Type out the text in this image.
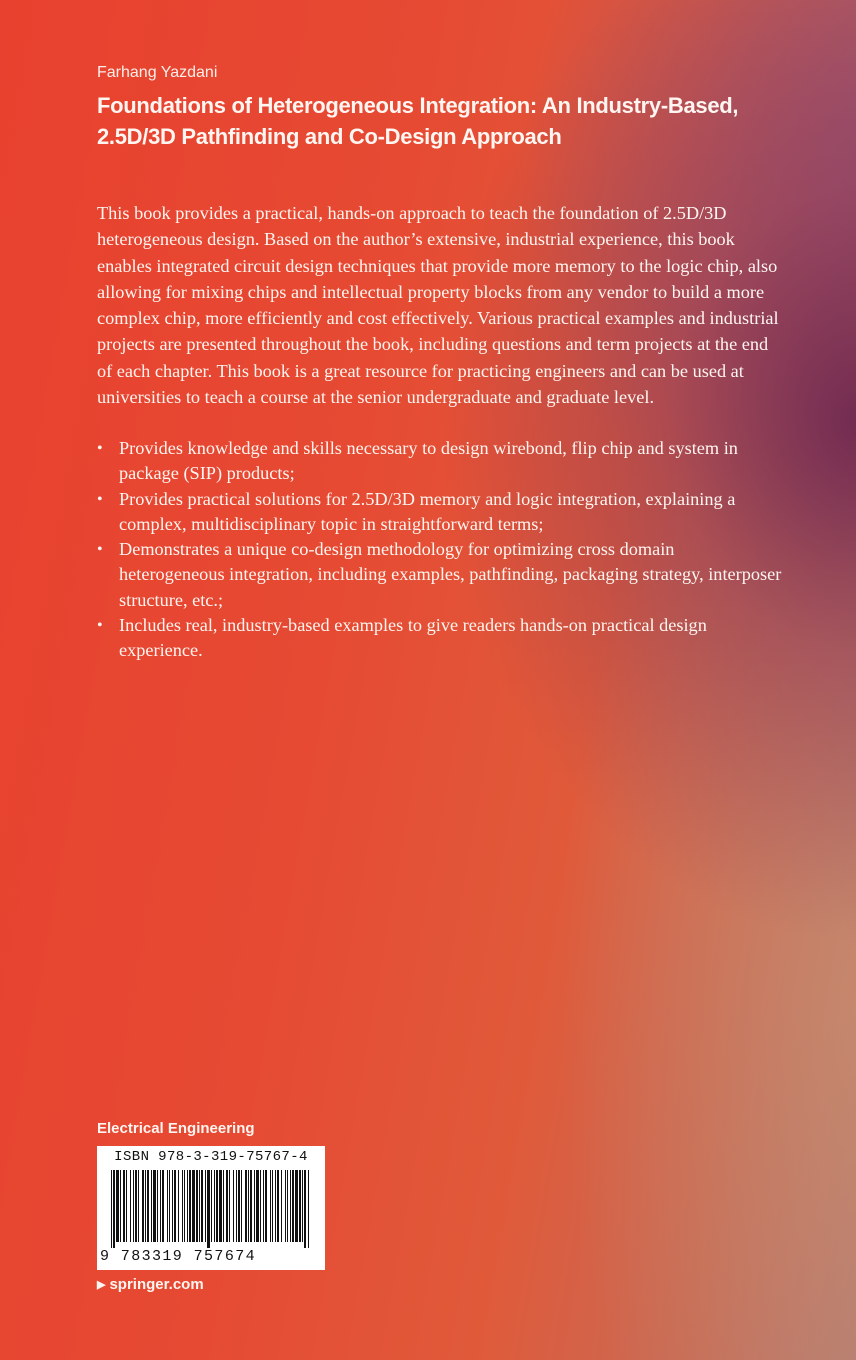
Farhang Yazdani
Foundations of Heterogeneous Integration: An Industry-Based, 2.5D/3D Pathfinding and Co-Design Approach

This book provides a practical, hands-on approach to teach the foundation of 2.5D/3D heterogeneous design. Based on the author’s extensive, industrial experience, this book enables integrated circuit design techniques that provide more memory to the logic chip, also allowing for mixing chips and intellectual property blocks from any vendor to build a more complex chip, more efficiently and cost effectively. Various practical examples and industrial projects are presented throughout the book, including questions and term projects at the end of each chapter. This book is a great resource for practicing engineers and can be used at universities to teach a course at the senior undergraduate and graduate level.

• Provides knowledge and skills necessary to design wirebond, flip chip and system in package (SIP) products;
• Provides practical solutions for 2.5D/3D memory and logic integration, explaining a complex, multidisciplinary topic in straightforward terms;
• Demonstrates a unique co-design methodology for optimizing cross domain heterogeneous integration, including examples, pathfinding, packaging strategy, interposer structure, etc.;
• Includes real, industry-based examples to give readers hands-on practical design experience.
Electrical Engineering
ISBN 978-3-319-75767-4
9 783319 757674
▶ springer.com
